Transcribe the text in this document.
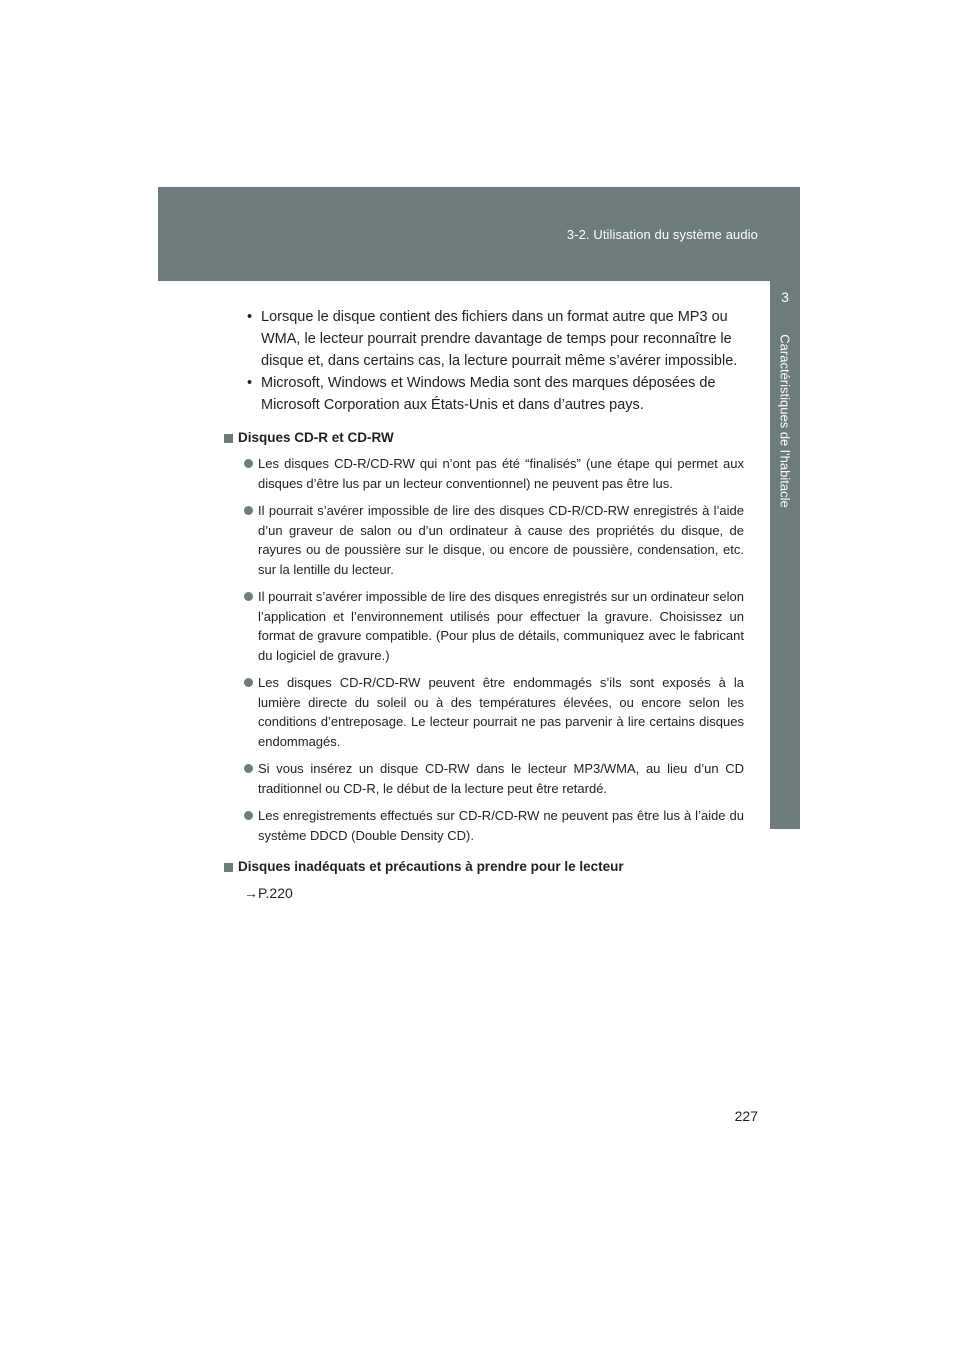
3-2. Utilisation du système audio
3
Caractéristiques de l’habitacle
• Lorsque le disque contient des fichiers dans un format autre que MP3 ou WMA, le lecteur pourrait prendre davantage de temps pour reconnaître le disque et, dans certains cas, la lecture pourrait même s’avérer impossible.
• Microsoft, Windows et Windows Media sont des marques déposées de Microsoft Corporation aux États-Unis et dans d’autres pays.
Disques CD-R et CD-RW
Les disques CD-R/CD-RW qui n’ont pas été “finalisés” (une étape qui permet aux disques d’être lus par un lecteur conventionnel) ne peuvent pas être lus.
Il pourrait s’avérer impossible de lire des disques CD-R/CD-RW enregistrés à l’aide d’un graveur de salon ou d’un ordinateur à cause des propriétés du disque, de rayures ou de poussière sur le disque, ou encore de poussière, condensation, etc. sur la lentille du lecteur.
Il pourrait s’avérer impossible de lire des disques enregistrés sur un ordinateur selon l’application et l’environnement utilisés pour effectuer la gravure. Choisissez un format de gravure compatible. (Pour plus de détails, communiquez avec le fabricant du logiciel de gravure.)
Les disques CD-R/CD-RW peuvent être endommagés s’ils sont exposés à la lumière directe du soleil ou à des températures élevées, ou encore selon les conditions d’entreposage. Le lecteur pourrait ne pas parvenir à lire certains disques endommagés.
Si vous insérez un disque CD-RW dans le lecteur MP3/WMA, au lieu d’un CD traditionnel ou CD-R, le début de la lecture peut être retardé.
Les enregistrements effectués sur CD-R/CD-RW ne peuvent pas être lus à l’aide du système DDCD (Double Density CD).
Disques inadéquats et précautions à prendre pour le lecteur
→P.220
227
